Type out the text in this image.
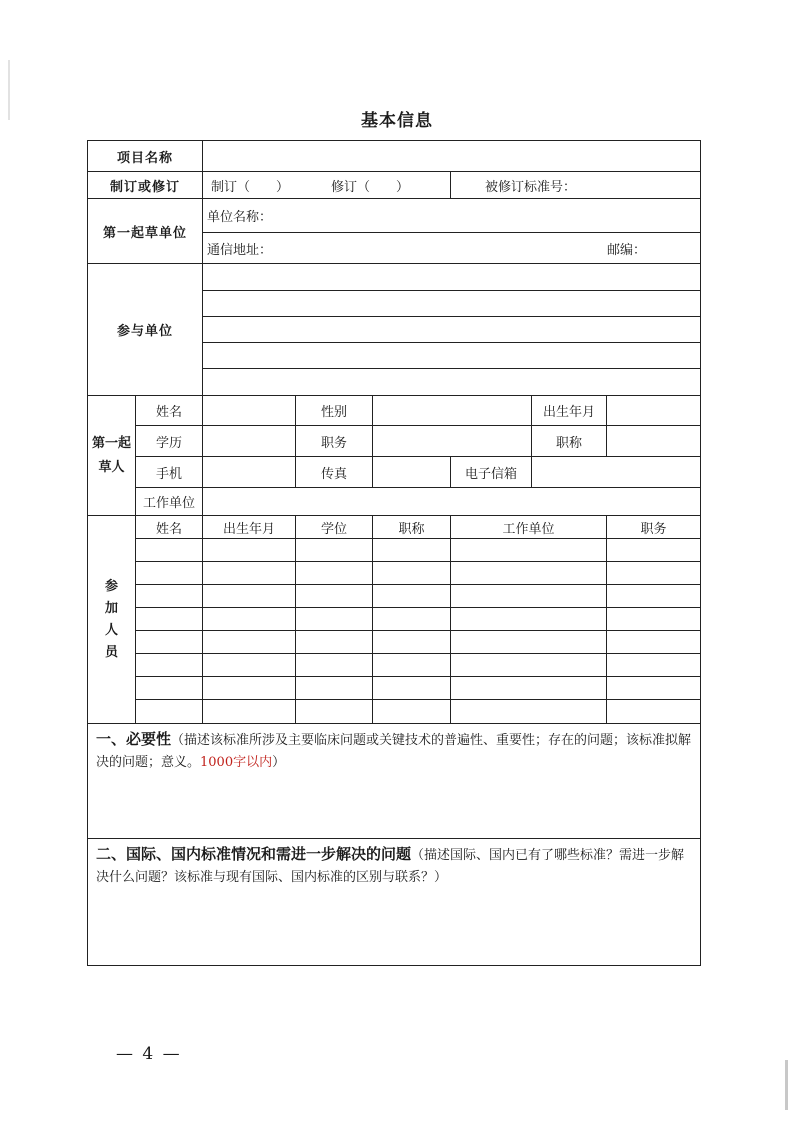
基本信息
项目名称	
制订或修订	制订（　　）	修订（　　）	被修订标准号：
第一起草单位	单位名称：

通信地址：	邮编：

参与单位	

第一起
草人	姓名		性别		出生年月	
学历		职务		职称	
手机		传真		电子信箱	
工作单位	

参
加
人
员
	姓名	出生年月	学位	职称	工作单位	职务	

一、必要性（描述该标准所涉及主要临床问题或关键技术的普遍性、重要性；存在的问题；该标准拟解决的问题；意义。1000字以内）
二、国际、国内标准情况和需进一步解决的问题（描述国际、国内已有了哪些标准？需进一步解决什么问题？该标准与现有国际、国内标准的区别与联系？）
— 4 —
